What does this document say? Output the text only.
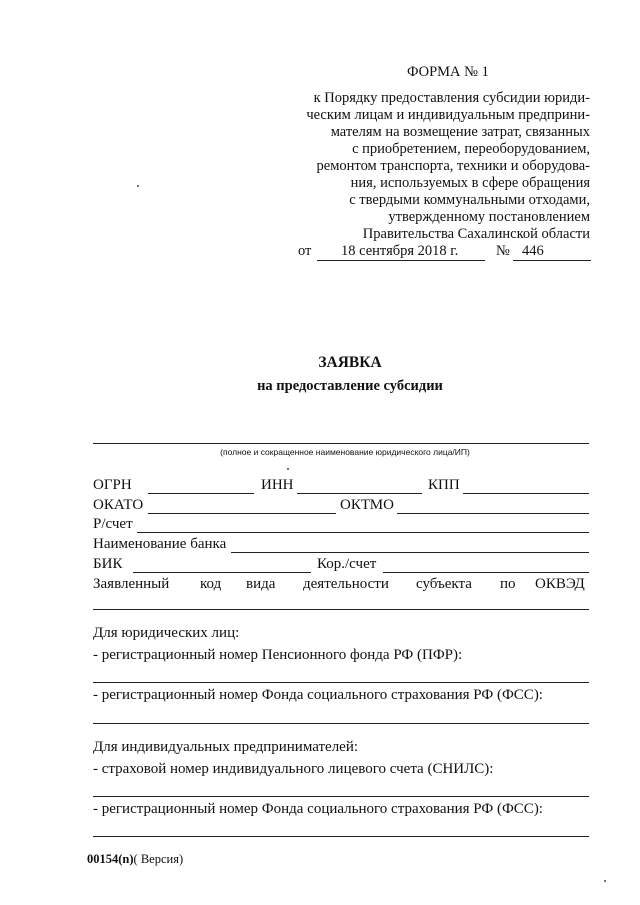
ФОРМА № 1
к Порядку предоставления субсидии юриди-
ческим лицам и индивидуальным предприни-
мателям на возмещение затрат, связанных
с приобретением, переоборудованием,
ремонтом транспорта, техники и оборудова-
ния, используемых в сфере обращения
с твердыми коммунальными отходами,
утвержденному постановлением
Правительства Сахалинской области
от 18 сентября 2018 г.	№ 446
ЗАЯВКА
на предоставление субсидии
(полное и сокращенное наименование юридического лица/ИП)
ОГРН	ИНН	КПП
ОКАТО	ОКТМО
Р/счет
Наименование банка
БИК	Кор./счет
Заявленный код вида деятельности субъекта по ОКВЭД
Для юридических лиц:
- регистрационный номер Пенсионного фонда РФ (ПФР):
- регистрационный номер Фонда социального страхования РФ (ФСС):
Для индивидуальных предпринимателей:
- страховой номер индивидуального лицевого счета (СНИЛС):
- регистрационный номер Фонда социального страхования РФ (ФСС):
00154(n)( Версия)
